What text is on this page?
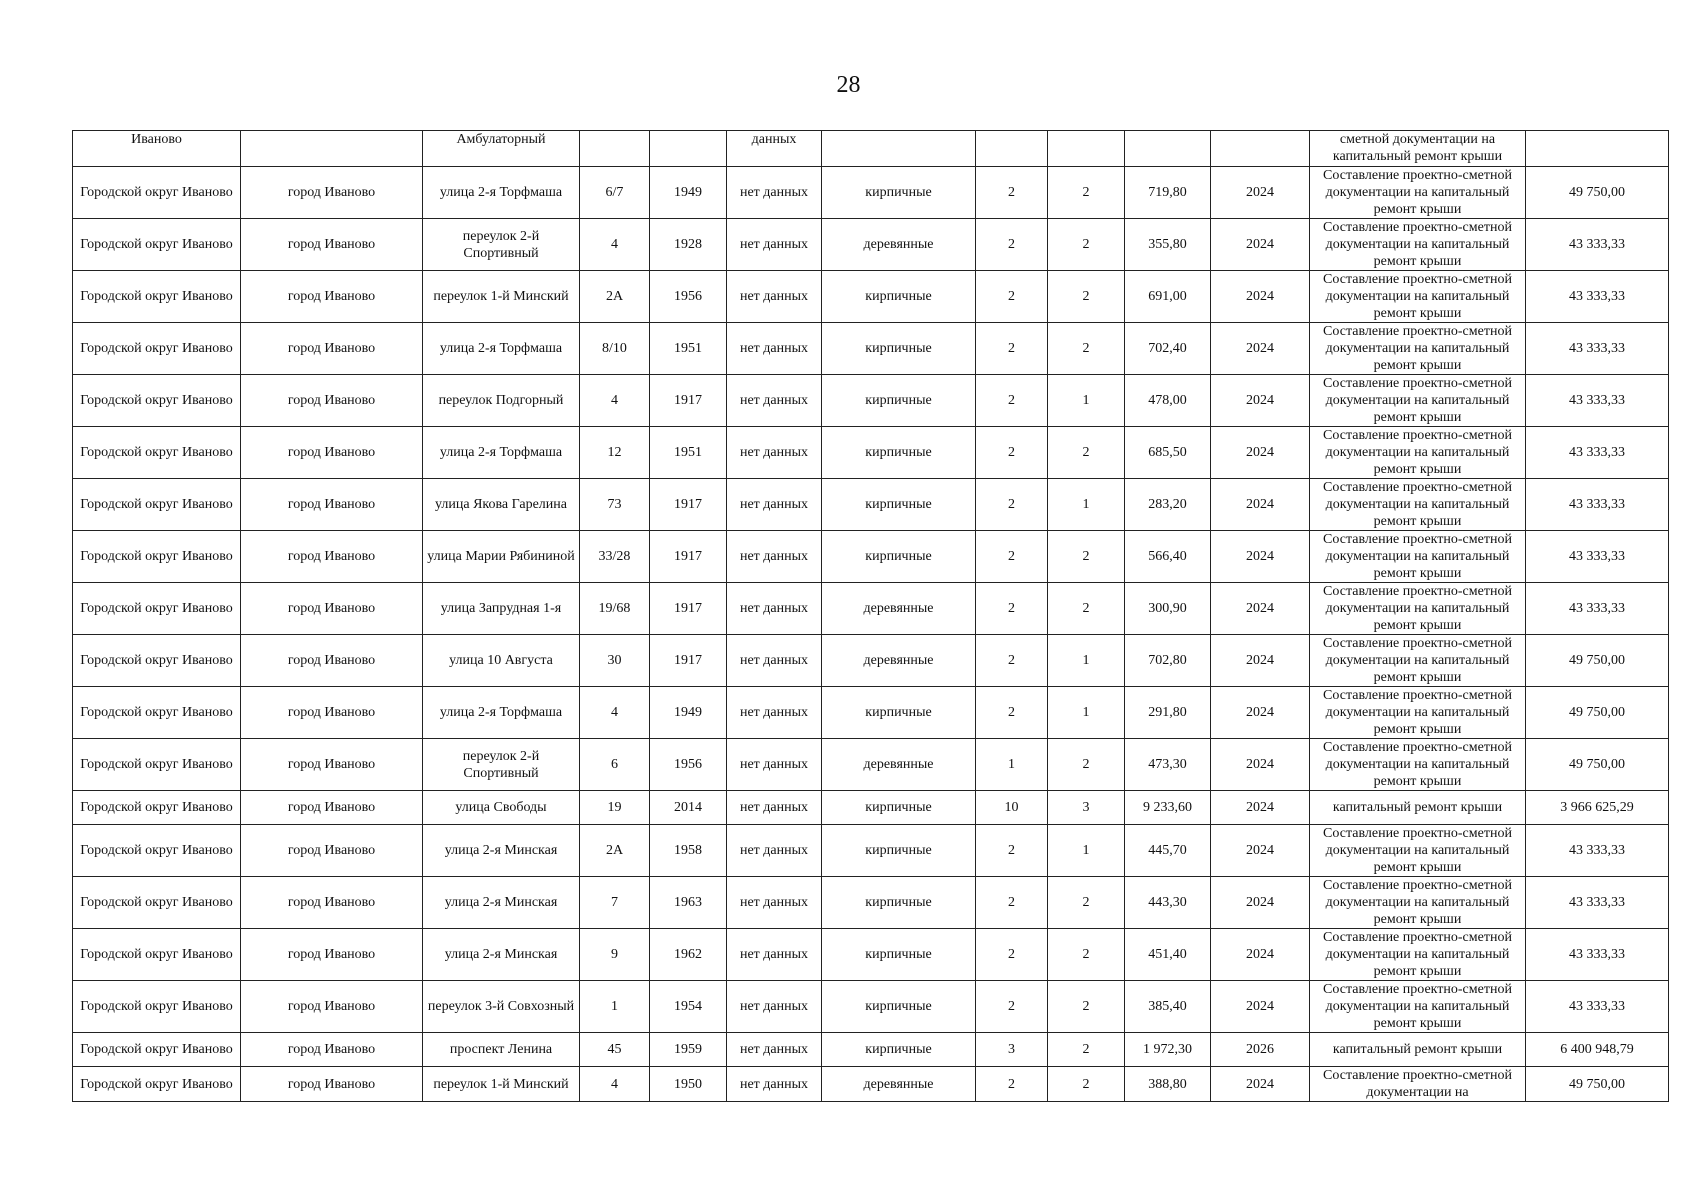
28
Иваново		Амбулаторный			данных						сметной документации на капитальный ремонт крыши	
Городской округ Иваново	город Иваново	улица 2-я Торфмаша	6/7	1949	нет данных	кирпичные	2	2	719,80	2024	Составление проектно-сметной документации на капитальный ремонт крыши	49 750,00
Городской округ Иваново	город Иваново	переулок 2-й Спортивный	4	1928	нет данных	деревянные	2	2	355,80	2024	Составление проектно-сметной документации на капитальный ремонт крыши	43 333,33
Городской округ Иваново	город Иваново	переулок 1-й Минский	2А	1956	нет данных	кирпичные	2	2	691,00	2024	Составление проектно-сметной документации на капитальный ремонт крыши	43 333,33
Городской округ Иваново	город Иваново	улица 2-я Торфмаша	8/10	1951	нет данных	кирпичные	2	2	702,40	2024	Составление проектно-сметной документации на капитальный ремонт крыши	43 333,33
Городской округ Иваново	город Иваново	переулок Подгорный	4	1917	нет данных	кирпичные	2	1	478,00	2024	Составление проектно-сметной документации на капитальный ремонт крыши	43 333,33
Городской округ Иваново	город Иваново	улица 2-я Торфмаша	12	1951	нет данных	кирпичные	2	2	685,50	2024	Составление проектно-сметной документации на капитальный ремонт крыши	43 333,33
Городской округ Иваново	город Иваново	улица Якова Гарелина	73	1917	нет данных	кирпичные	2	1	283,20	2024	Составление проектно-сметной документации на капитальный ремонт крыши	43 333,33
Городской округ Иваново	город Иваново	улица Марии Рябининой	33/28	1917	нет данных	кирпичные	2	2	566,40	2024	Составление проектно-сметной документации на капитальный ремонт крыши	43 333,33
Городской округ Иваново	город Иваново	улица Запрудная 1-я	19/68	1917	нет данных	деревянные	2	2	300,90	2024	Составление проектно-сметной документации на капитальный ремонт крыши	43 333,33
Городской округ Иваново	город Иваново	улица 10 Августа	30	1917	нет данных	деревянные	2	1	702,80	2024	Составление проектно-сметной документации на капитальный ремонт крыши	49 750,00
Городской округ Иваново	город Иваново	улица 2-я Торфмаша	4	1949	нет данных	кирпичные	2	1	291,80	2024	Составление проектно-сметной документации на капитальный ремонт крыши	49 750,00
Городской округ Иваново	город Иваново	переулок 2-й Спортивный	6	1956	нет данных	деревянные	1	2	473,30	2024	Составление проектно-сметной документации на капитальный ремонт крыши	49 750,00
Городской округ Иваново	город Иваново	улица Свободы	19	2014	нет данных	кирпичные	10	3	9 233,60	2024	капитальный ремонт крыши	3 966 625,29
Городской округ Иваново	город Иваново	улица 2-я Минская	2А	1958	нет данных	кирпичные	2	1	445,70	2024	Составление проектно-сметной документации на капитальный ремонт крыши	43 333,33
Городской округ Иваново	город Иваново	улица 2-я Минская	7	1963	нет данных	кирпичные	2	2	443,30	2024	Составление проектно-сметной документации на капитальный ремонт крыши	43 333,33
Городской округ Иваново	город Иваново	улица 2-я Минская	9	1962	нет данных	кирпичные	2	2	451,40	2024	Составление проектно-сметной документации на капитальный ремонт крыши	43 333,33
Городской округ Иваново	город Иваново	переулок 3-й Совхозный	1	1954	нет данных	кирпичные	2	2	385,40	2024	Составление проектно-сметной документации на капитальный ремонт крыши	43 333,33
Городской округ Иваново	город Иваново	проспект Ленина	45	1959	нет данных	кирпичные	3	2	1 972,30	2026	капитальный ремонт крыши	6 400 948,79
Городской округ Иваново	город Иваново	переулок 1-й Минский	4	1950	нет данных	деревянные	2	2	388,80	2024	Составление проектно-сметной документации на	49 750,00
